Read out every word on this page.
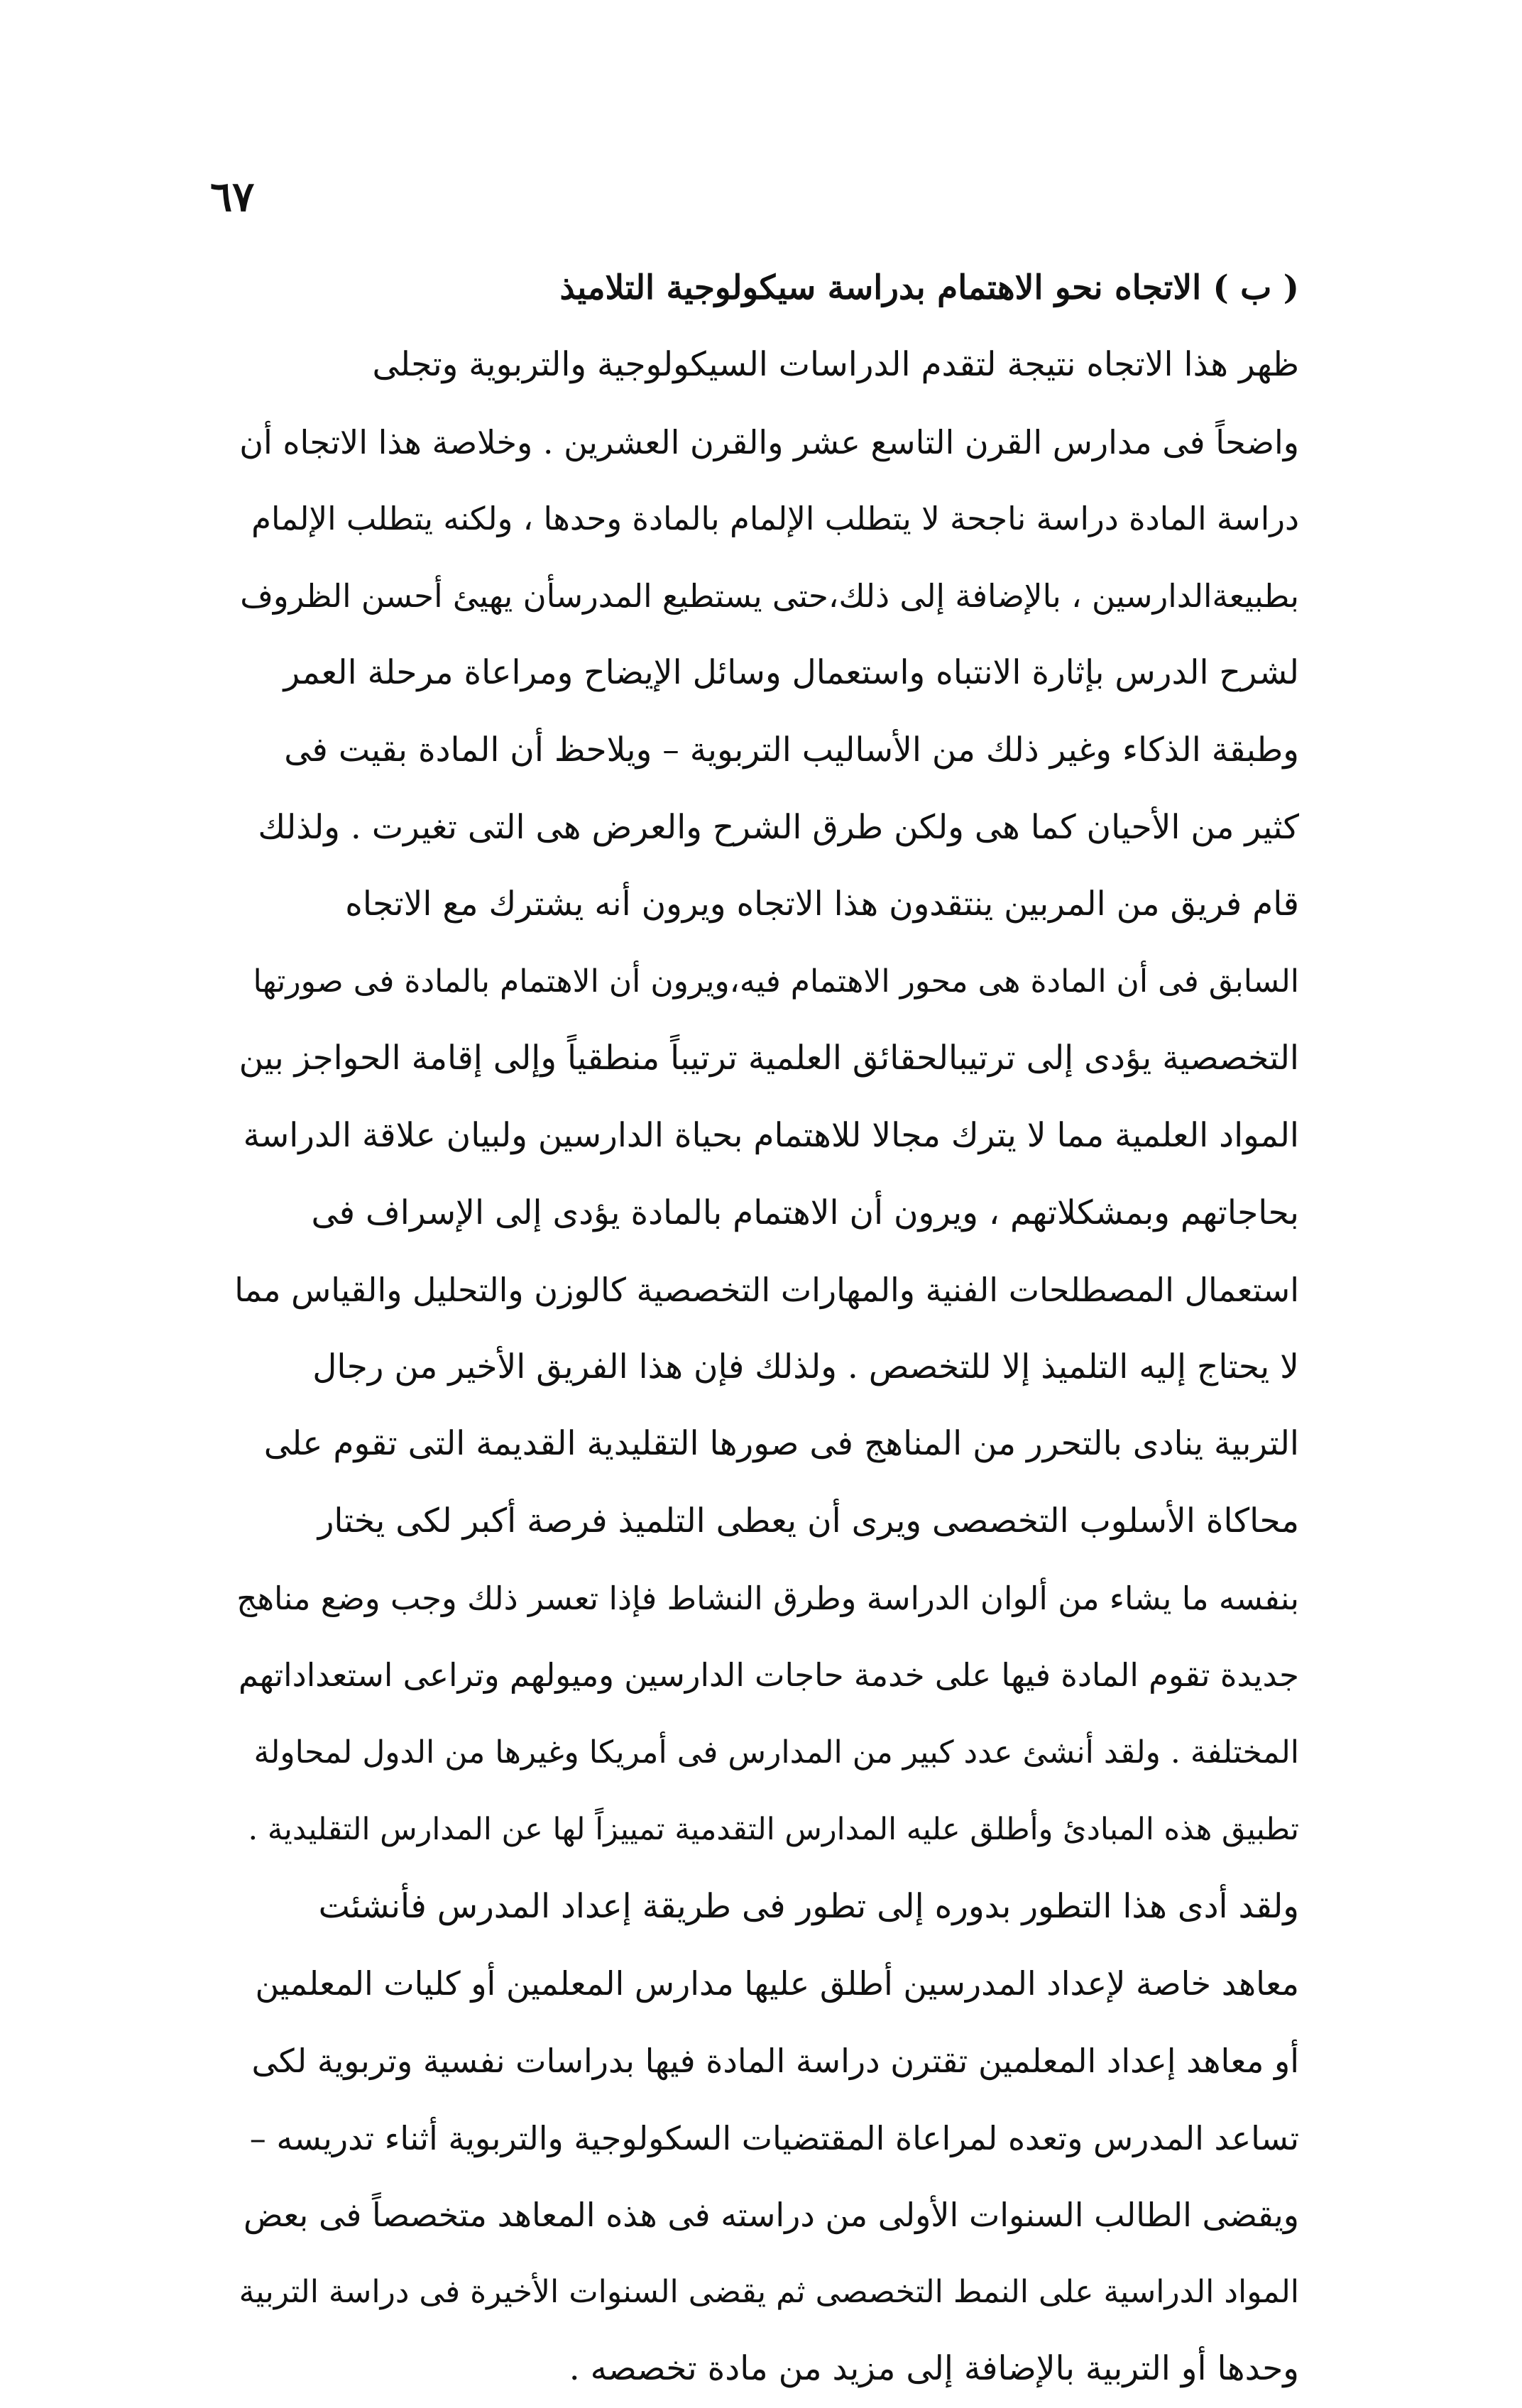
٦٧
( ب ) الاتجاه نحو الاهتمام بدراسة سيكولوجية التلاميذ
ظهر هذا الاتجاه نتيجة لتقدم الدراسات السيكولوجية والتربوية وتجلى
واضحاً فى مدارس القرن التاسع عشر والقرن العشرين . وخلاصة هذا الاتجاه أن
دراسة المادة دراسة ناجحة لا يتطلب الإلمام بالمادة وحدها ، ولكنه يتطلب الإلمام
بطبيعةالدارسين ، بالإضافة إلى ذلك،حتى يستطيع المدرسأن يهيئ أحسن الظروف
لشرح الدرس بإثارة الانتباه واستعمال وسائل الإيضاح ومراعاة مرحلة العمر
وطبقة الذكاء وغير ذلك من الأساليب التربوية – ويلاحظ أن المادة بقيت فى
كثير من الأحيان كما هى ولكن طرق الشرح والعرض هى التى تغيرت . ولذلك
قام فريق من المربين ينتقدون هذا الاتجاه ويرون أنه يشترك مع الاتجاه
السابق فى أن المادة هى محور الاهتمام فيه،ويرون أن الاهتمام بالمادة فى صورتها
التخصصية يؤدى إلى ترتيبالحقائق العلمية ترتيباً منطقياً وإلى إقامة الحواجز بين
المواد العلمية مما لا يترك مجالا للاهتمام بحياة الدارسين ولبيان علاقة الدراسة
بحاجاتهم وبمشكلاتهم ، ويرون أن الاهتمام بالمادة يؤدى إلى الإسراف فى
استعمال المصطلحات الفنية والمهارات التخصصية كالوزن والتحليل والقياس مما
لا يحتاج إليه التلميذ إلا للتخصص . ولذلك فإن هذا الفريق الأخير من رجال
التربية ينادى بالتحرر من المناهج فى صورها التقليدية القديمة التى تقوم على
محاكاة الأسلوب التخصصى ويرى أن يعطى التلميذ فرصة أكبر لكى يختار
بنفسه ما يشاء من ألوان الدراسة وطرق النشاط فإذا تعسر ذلك وجب وضع مناهج
جديدة تقوم المادة فيها على خدمة حاجات الدارسين وميولهم وتراعى استعداداتهم
المختلفة . ولقد أنشئ عدد كبير من المدارس فى أمريكا وغيرها من الدول لمحاولة
تطبيق هذه المبادئ وأطلق عليه المدارس التقدمية تمييزاً لها عن المدارس التقليدية .
ولقد أدى هذا التطور بدوره إلى تطور فى طريقة إعداد المدرس فأنشئت
معاهد خاصة لإعداد المدرسين أطلق عليها مدارس المعلمين أو كليات المعلمين
أو معاهد إعداد المعلمين تقترن دراسة المادة فيها بدراسات نفسية وتربوية لكى
تساعد المدرس وتعده لمراعاة المقتضيات السكولوجية والتربوية أثناء تدريسه –
ويقضى الطالب السنوات الأولى من دراسته فى هذه المعاهد متخصصاً فى بعض
المواد الدراسية على النمط التخصصى ثم يقضى السنوات الأخيرة فى دراسة التربية
وحدها أو التربية بالإضافة إلى مزيد من مادة تخصصه .
